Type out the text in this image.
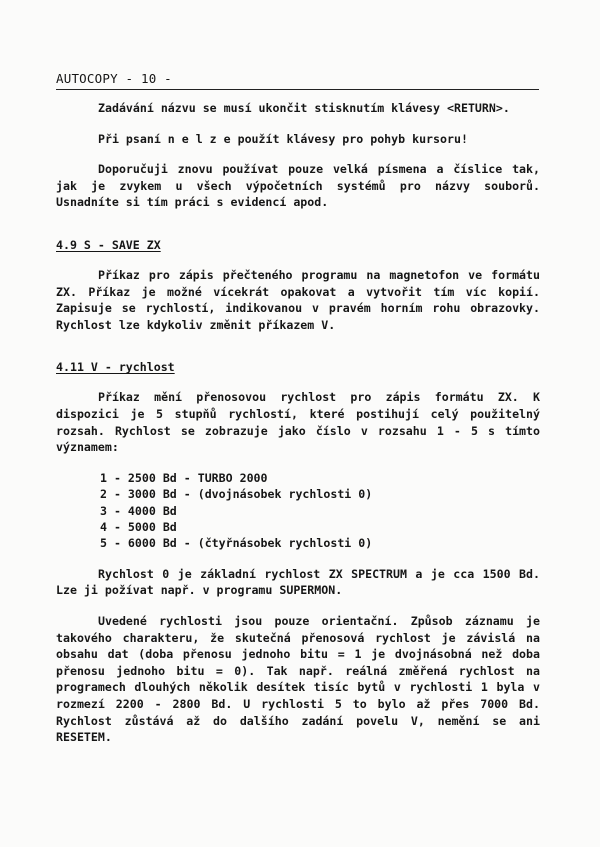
AUTOCOPY - 10 -

Zadávání názvu se musí ukončit stisknutím klávesy <RETURN>.

Při psaní n e l z e použít klávesy pro pohyb kursoru!

Doporučuji znovu používat pouze velká písmena a číslice tak, jak je zvykem u všech výpočetních systémů pro názvy souborů. Usnadníte si tím práci s evidencí apod.

4.9 S - SAVE ZX

Příkaz pro zápis přečteného programu na magnetofon ve formátu ZX. Příkaz je možné vícekrát opakovat a vytvořit tím víc kopií. Zapisuje se rychlostí, indikovanou v pravém horním rohu obrazovky. Rychlost lze kdykoliv změnit příkazem V.

4.11 V - rychlost

Příkaz mění přenosovou rychlost pro zápis formátu ZX. K dispozici je 5 stupňů rychlostí, které postihují celý použitelný rozsah. Rychlost se zobrazuje jako číslo v rozsahu 1 - 5 s tímto významem:

1 - 2500 Bd - TURBO 2000
2 - 3000 Bd - (dvojnásobek rychlosti 0)
3 - 4000 Bd
4 - 5000 Bd
5 - 6000 Bd - (čtyřnásobek rychlosti 0)

Rychlost 0 je základní rychlost ZX SPECTRUM a je cca 1500 Bd. Lze ji požívat např. v programu SUPERMON.

Uvedené rychlosti jsou pouze orientační. Způsob záznamu je takového charakteru, že skutečná přenosová rychlost je závislá na obsahu dat (doba přenosu jednoho bitu = 1 je dvojnásobná než doba přenosu jednoho bitu = 0). Tak např. reálná změřená rychlost na programech dlouhých několik desítek tisíc bytů v rychlosti 1 byla v rozmezí 2200 - 2800 Bd. U rychlosti 5 to bylo až přes 7000 Bd. Rychlost zůstává až do dalšího zadání povelu V, nemění se ani RESETEM.
